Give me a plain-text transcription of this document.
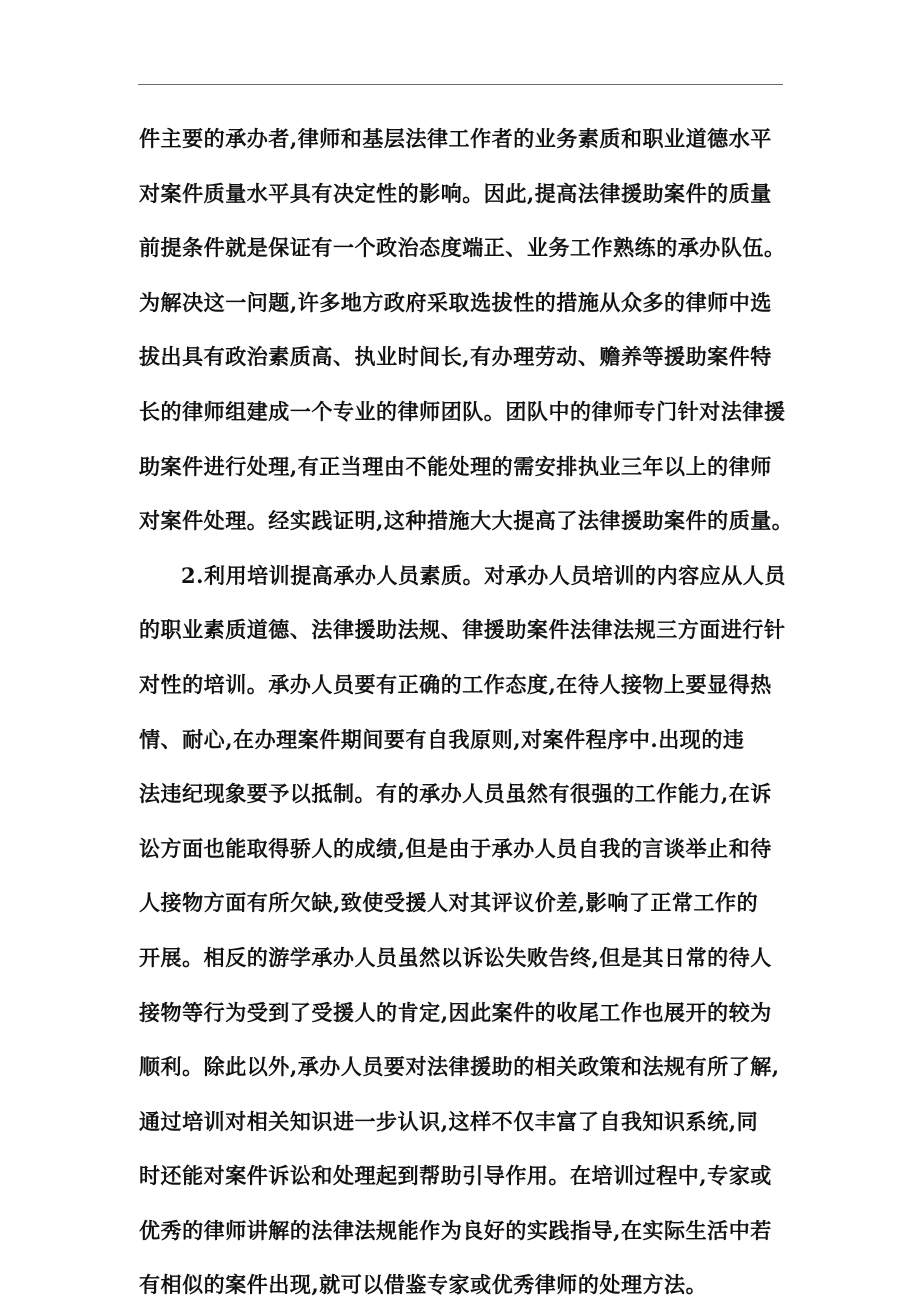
件主要的承办者,律师和基层法律工作者的业务素质和职业道德水平
对案件质量水平具有决定性的影响。因此,提高法律援助案件的质量
前提条件就是保证有一个政治态度端正、业务工作熟练的承办队伍。
为解决这一问题,许多地方政府采取选拔性的措施从众多的律师中选
拔出具有政治素质高、执业时间长,有办理劳动、赡养等援助案件特
长的律师组建成一个专业的律师团队。团队中的律师专门针对法律援
助案件进行处理,有正当理由不能处理的需安排执业三年以上的律师
对案件处理。经实践证明,这种措施大大提高了法律援助案件的质量。
2.利用培训提高承办人员素质。对承办人员培训的内容应从人员
的职业素质道德、法律援助法规、律援助案件法律法规三方面进行针
对性的培训。承办人员要有正确的工作态度,在待人接物上要显得热
情、耐心,在办理案件期间要有自我原则,对案件程序中.出现的违
法违纪现象要予以抵制。有的承办人员虽然有很强的工作能力,在诉
讼方面也能取得骄人的成绩,但是由于承办人员自我的言谈举止和待
人接物方面有所欠缺,致使受援人对其评议价差,影响了正常工作的
开展。相反的游学承办人员虽然以诉讼失败告终,但是其日常的待人
接物等行为受到了受援人的肯定,因此案件的收尾工作也展开的较为
顺利。除此以外,承办人员要对法律援助的相关政策和法规有所了解,
通过培训对相关知识进一步认识,这样不仅丰富了自我知识系统,同
时还能对案件诉讼和处理起到帮助引导作用。在培训过程中,专家或
优秀的律师讲解的法律法规能作为良好的实践指导,在实际生活中若
有相似的案件出现,就可以借鉴专家或优秀律师的处理方法。
